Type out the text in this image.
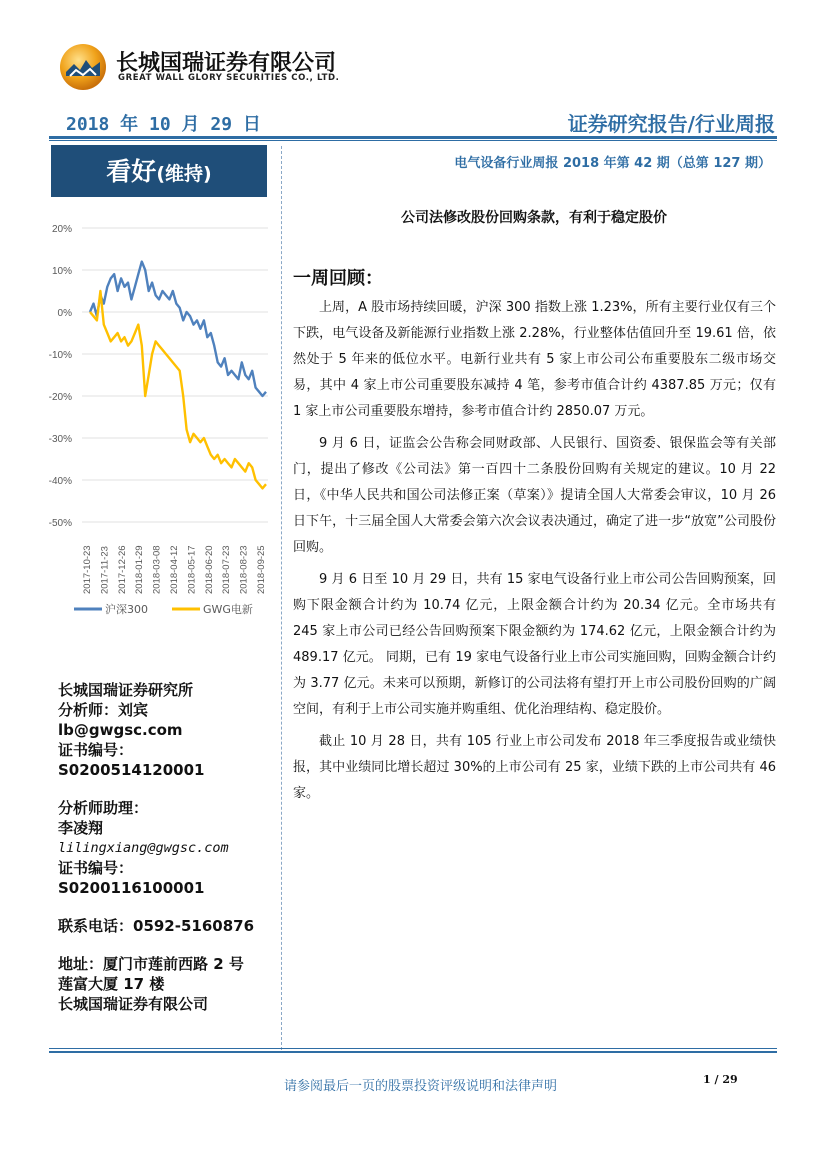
长城国瑞证券有限公司
GREAT WALL GLORY SECURITIES CO., LTD.
2018 年 10 月 29 日	证券研究报告/行业周报
看好(维持)
20%
10%
0%
-10%
-20%
-30%
-40%
-50%
2017-10-23 2017-11-23 2017-12-26 2018-01-29 2018-03-08 2018-04-12 2018-05-17 2018-06-20 2018-07-23 2018-08-23 2018-09-25
沪深300	GWG电新
长城国瑞证券研究所
分析师：刘宾
lb@gwgsc.com
证书编号：
S0200514120001
分析师助理：
李凌翔
lilingxiang@gwgsc.com
证书编号：
S0200116100001
联系电话：0592-5160876
地址：厦门市莲前西路 2 号
莲富大厦 17 楼
长城国瑞证券有限公司
电气设备行业周报 2018 年第 42 期（总第 127 期）
公司法修改股份回购条款，有利于稳定股价
一周回顾：

上周，A 股市场持续回暖，沪深 300 指数上涨 1.23%，所有主要行业仅有三个下跌，电气设备及新能源行业指数上涨 2.28%，行业整体估值回升至 19.61 倍，依然处于 5 年来的低位水平。电新行业共有 5 家上市公司公布重要股东二级市场交易，其中 4 家上市公司重要股东减持 4 笔，参考市值合计约 4387.85 万元；仅有 1 家上市公司重要股东增持，参考市值合计约 2850.07 万元。

9 月 6 日，证监会公告称会同财政部、人民银行、国资委、银保监会等有关部门，提出了修改《公司法》第一百四十二条股份回购有关规定的建议。10 月 22 日，《中华人民共和国公司法修正案（草案）》提请全国人大常委会审议，10 月 26 日下午，十三届全国人大常委会第六次会议表决通过，确定了进一步“放宽”公司股份回购。

9 月 6 日至 10 月 29 日，共有 15 家电气设备行业上市公司公告回购预案，回购下限金额合计约为 10.74 亿元，上限金额合计约为 20.34 亿元。全市场共有 245 家上市公司已经公告回购预案下限金额约为 174.62 亿元，上限金额合计约为 489.17 亿元。 同期，已有 19 家电气设备行业上市公司实施回购，回购金额合计约为 3.77 亿元。未来可以预期，新修订的公司法将有望打开上市公司股份回购的广阔空间，有利于上市公司实施并购重组、优化治理结构、稳定股价。

截止 10 月 28 日，共有 105 行业上市公司发布 2018 年三季度报告或业绩快报，其中业绩同比增长超过 30%的上市公司有 25 家，业绩下跌的上市公司共有 46 家。

请参阅最后一页的股票投资评级说明和法律声明	1 / 29
